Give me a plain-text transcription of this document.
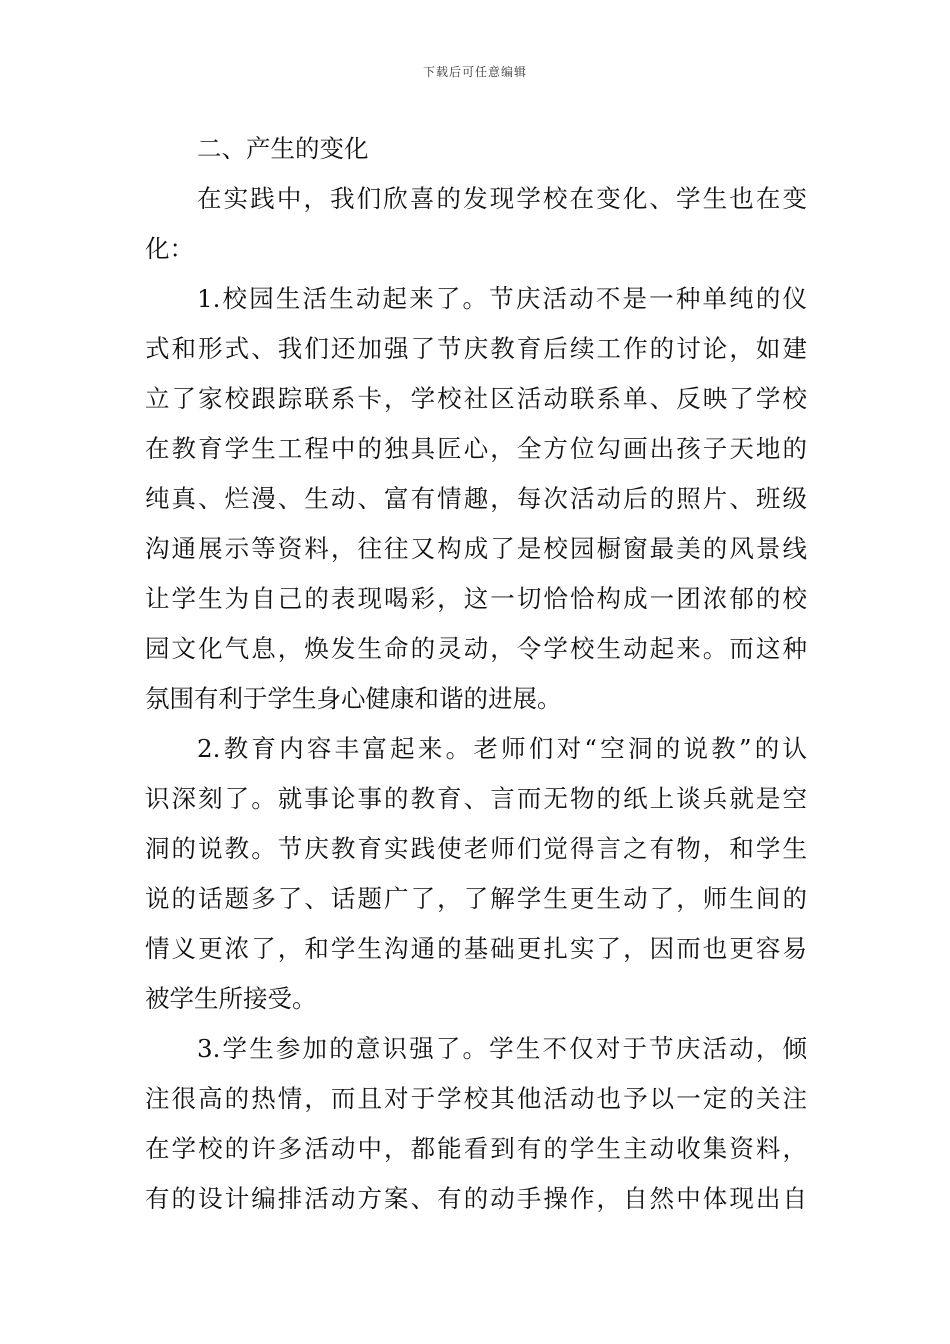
下载后可任意编辑
二、产生的变化
在实践中，我们欣喜的发现学校在变化、学生也在变
化：
1.校园生活生动起来了。节庆活动不是一种单纯的仪
式和形式、我们还加强了节庆教育后续工作的讨论，如建
立了家校跟踪联系卡，学校社区活动联系单、反映了学校
在教育学生工程中的独具匠心，全方位勾画出孩子天地的
纯真、烂漫、生动、富有情趣，每次活动后的照片、班级
沟通展示等资料，往往又构成了是校园橱窗最美的风景线
让学生为自己的表现喝彩，这一切恰恰构成一团浓郁的校
园文化气息，焕发生命的灵动，令学校生动起来。而这种
氛围有利于学生身心健康和谐的进展。
2.教育内容丰富起来。老师们对“空洞的说教”的认
识深刻了。就事论事的教育、言而无物的纸上谈兵就是空
洞的说教。节庆教育实践使老师们觉得言之有物，和学生
说的话题多了、话题广了，了解学生更生动了，师生间的
情义更浓了，和学生沟通的基础更扎实了，因而也更容易
被学生所接受。
3.学生参加的意识强了。学生不仅对于节庆活动，倾
注很高的热情，而且对于学校其他活动也予以一定的关注
在学校的许多活动中，都能看到有的学生主动收集资料，
有的设计编排活动方案、有的动手操作，自然中体现出自
